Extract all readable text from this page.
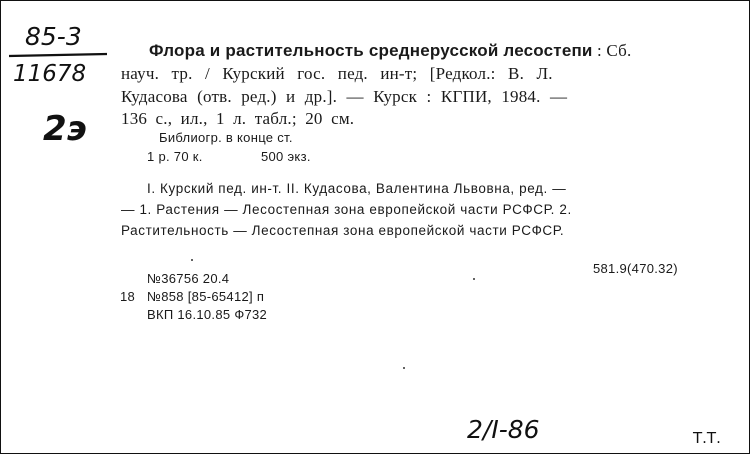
85-3
11678
2э
Флора и растительность среднерусской лесостепи : Сб.
науч. тр. / Курский гос. пед. ин-т; [Редкол.: В. Л.
Кудасова (отв. ред.) и др.]. — Курск : КГПИ, 1984. —
136 с., ил., 1 л. табл.; 20 см.
Библиогр. в конце ст.
1 р. 70 к.	500 экз.
I. Курский пед. ин-т. II. Кудасова, Валентина Львовна, ред. —
— 1. Растения — Лесостепная зона европейской части РСФСР. 2.
Растительность — Лесостепная зона европейской части РСФСР.
581.9(470.32)
№36756 20.4
18 №858 [85-65412] п
ВКП 16.10.85 Ф732
2/I-86	Т.Т.
